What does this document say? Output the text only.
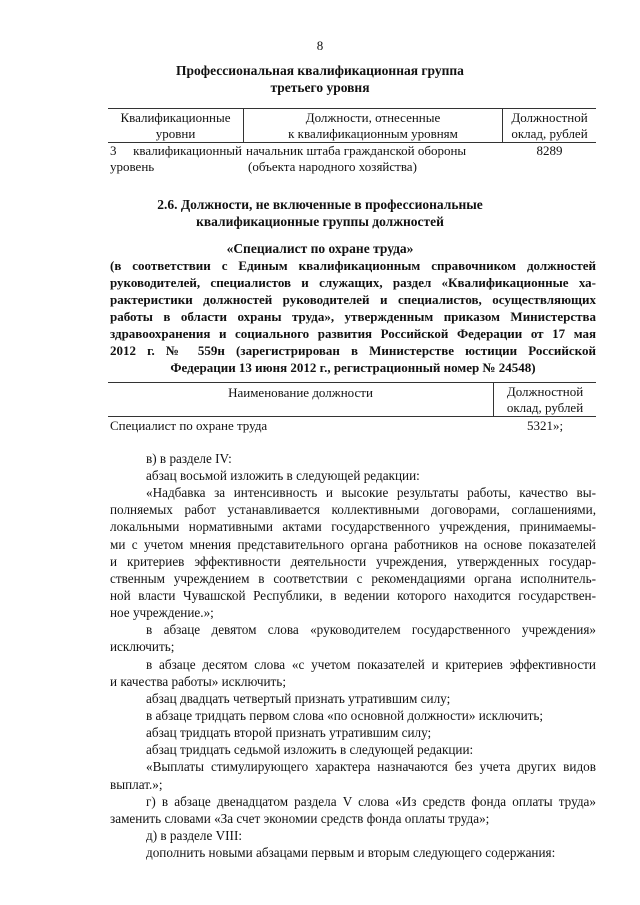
8
Профессиональная квалификационная группа
третьего уровня
Квалификационные
уровни
Должности, отнесенные
к квалификационным уровням
Должностной
оклад, рублей
3 квалификационный
уровень
начальник штаба гражданской обороны
(объекта народного хозяйства)
8289
2.6. Должности, не включенные в профессиональные
квалификационные группы должностей
«Специалист по охране труда»
(в соответствии с Единым квалификационным справочником должностей
руководителей, специалистов и служащих, раздел «Квалификационные ха-
рактеристики должностей руководителей и специалистов, осуществляющих
работы в области охраны труда», утвержденным приказом Министерства
здравоохранения и социального развития Российской Федерации от 17 мая
2012 г. № 559н (зарегистрирован в Министерстве юстиции Российской
Федерации 13 июня 2012 г., регистрационный номер № 24548)
Наименование должности	Должностной
оклад, рублей
Специалист по охране труда	5321»;
в) в разделе IV:
абзац восьмой изложить в следующей редакции:
«Надбавка за интенсивность и высокие результаты работы, качество вы-
полняемых работ устанавливается коллективными договорами, соглашениями,
локальными нормативными актами государственного учреждения, принимаемы-
ми с учетом мнения представительного органа работников на основе показателей
и критериев эффективности деятельности учреждения, утвержденных государ-
ственным учреждением в соответствии с рекомендациями органа исполнитель-
ной власти Чувашской Республики, в ведении которого находится государствен-
ное учреждение.»;
в абзаце девятом слова «руководителем государственного учреждения»
исключить;
в абзаце десятом слова «с учетом показателей и критериев эффективности
и качества работы» исключить;
абзац двадцать четвертый признать утратившим силу;
в абзаце тридцать первом слова «по основной должности» исключить;
абзац тридцать второй признать утратившим силу;
абзац тридцать седьмой изложить в следующей редакции:
«Выплаты стимулирующего характера назначаются без учета других видов
выплат.»;
г) в абзаце двенадцатом раздела V слова «Из средств фонда оплаты труда»
заменить словами «За счет экономии средств фонда оплаты труда»;
д) в разделе VIII:
дополнить новыми абзацами первым и вторым следующего содержания:
